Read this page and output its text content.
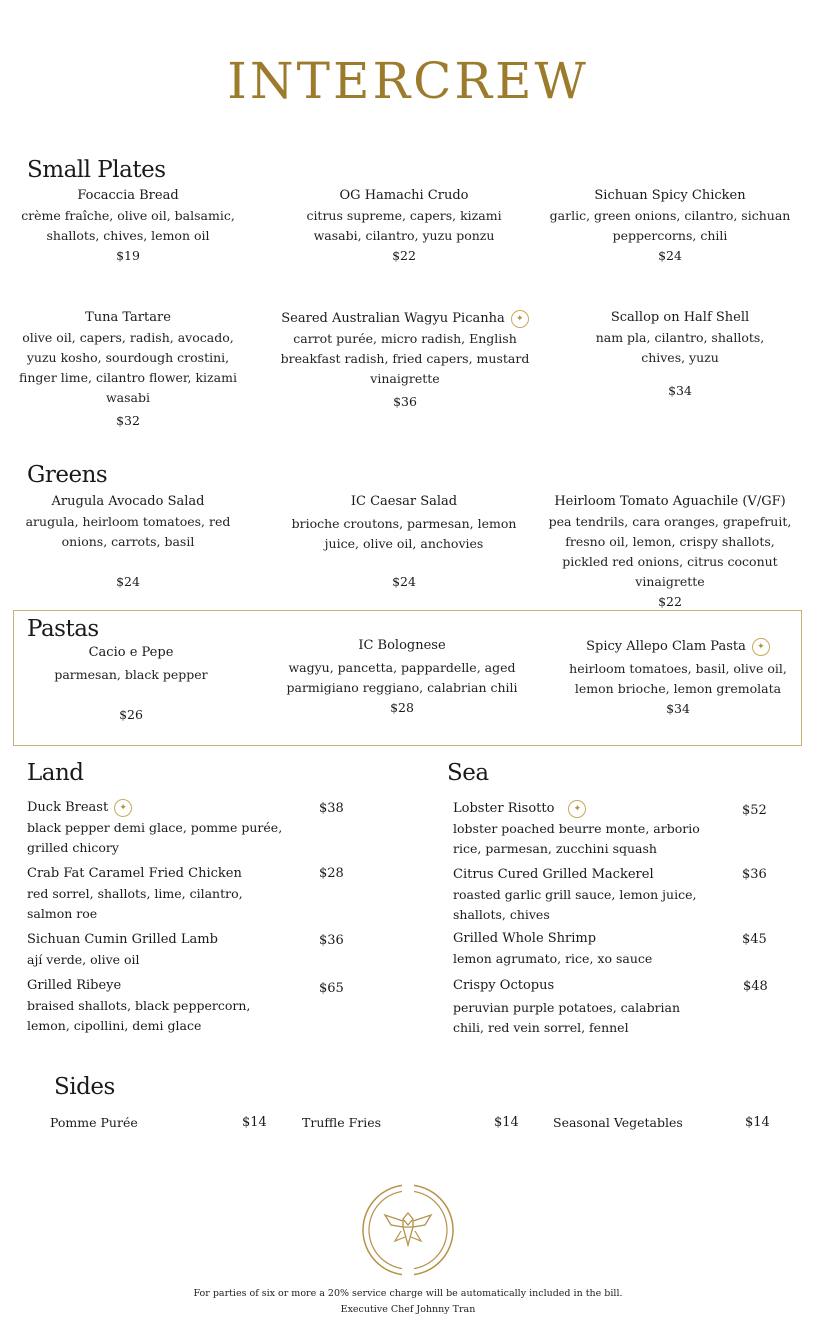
INTERCREW
Small Plates
Focaccia Bread
crème fraîche, olive oil, balsamic, shallots, chives, lemon oil
$19
OG Hamachi Crudo
citrus supreme, capers, kizami wasabi, cilantro, yuzu ponzu
$22
Sichuan Spicy Chicken
garlic, green onions, cilantro, sichuan peppercorns, chili
$24
Tuna Tartare
olive oil, capers, radish, avocado, yuzu kosho, sourdough crostini, finger lime, cilantro flower, kizami wasabi
$32
Seared Australian Wagyu Picanha ✦
carrot purée, micro radish, English breakfast radish, fried capers, mustard vinaigrette
$36
Scallop on Half Shell
nam pla, cilantro, shallots, chives, yuzu
$34
Greens
Arugula Avocado Salad
arugula, heirloom tomatoes, red onions, carrots, basil
$24
IC Caesar Salad
brioche croutons, parmesan, lemon juice, olive oil, anchovies
$24
Heirloom Tomato Aguachile (V/GF)
pea tendrils, cara oranges, grapefruit, fresno oil, lemon, crispy shallots, pickled red onions, citrus coconut vinaigrette
$22
Pastas
Cacio e Pepe
parmesan, black pepper
$26
IC Bolognese
wagyu, pancetta, pappardelle, aged parmigiano reggiano, calabrian chili
$28
Spicy Allepo Clam Pasta ✦
heirloom tomatoes, basil, olive oil, lemon brioche, lemon gremolata
$34
Land
Duck Breast ✦
black pepper demi glace, pomme purée, grilled chicory
$38
Crab Fat Caramel Fried Chicken
red sorrel, shallots, lime, cilantro, salmon roe
$28
Sichuan Cumin Grilled Lamb
ají verde, olive oil
$36
Grilled Ribeye
braised shallots, black peppercorn, lemon, cipollini, demi glace
$65
Sea
Lobster Risotto ✦
lobster poached beurre monte, arborio rice, parmesan, zucchini squash
$52
Citrus Cured Grilled Mackerel
roasted garlic grill sauce, lemon juice, shallots, chives
$36
Grilled Whole Shrimp
lemon agrumato, rice, xo sauce
$45
Crispy Octopus
peruvian purple potatoes, calabrian chili, red vein sorrel, fennel
$48
Sides
Pomme Purée	$14	Truffle Fries	$14	Seasonal Vegetables	$14
For parties of six or more a 20% service charge will be automatically included in the bill.
Executive Chef Johnny Tran
